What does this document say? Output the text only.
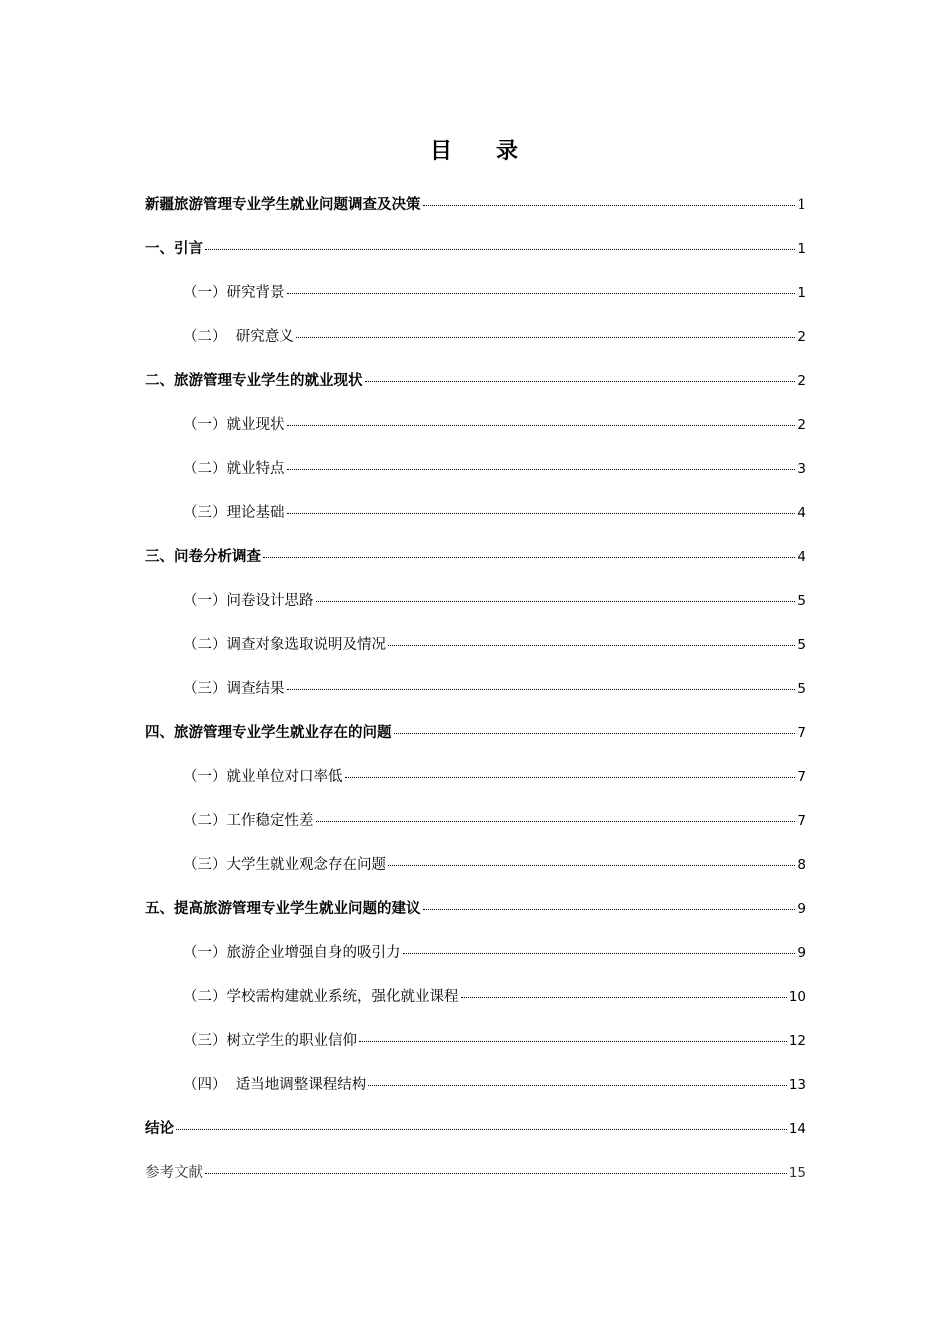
目 录
新疆旅游管理专业学生就业问题调查及决策	1
一、引言	1
（一）研究背景	1
（二）  研究意义	2
二、旅游管理专业学生的就业现状	2
（一）就业现状	2
（二）就业特点	3
（三）理论基础	4
三、问卷分析调查	4
（一）问卷设计思路	5
（二）调查对象选取说明及情况	5
（三）调查结果	5
四、旅游管理专业学生就业存在的问题	7
（一）就业单位对口率低	7
（二）工作稳定性差	7
（三）大学生就业观念存在问题	8
五、提高旅游管理专业学生就业问题的建议	9
（一）旅游企业增强自身的吸引力	9
（二）学校需构建就业系统，强化就业课程	10
（三）树立学生的职业信仰	12
（四）  适当地调整课程结构	13
结论	14
参考文献	15
